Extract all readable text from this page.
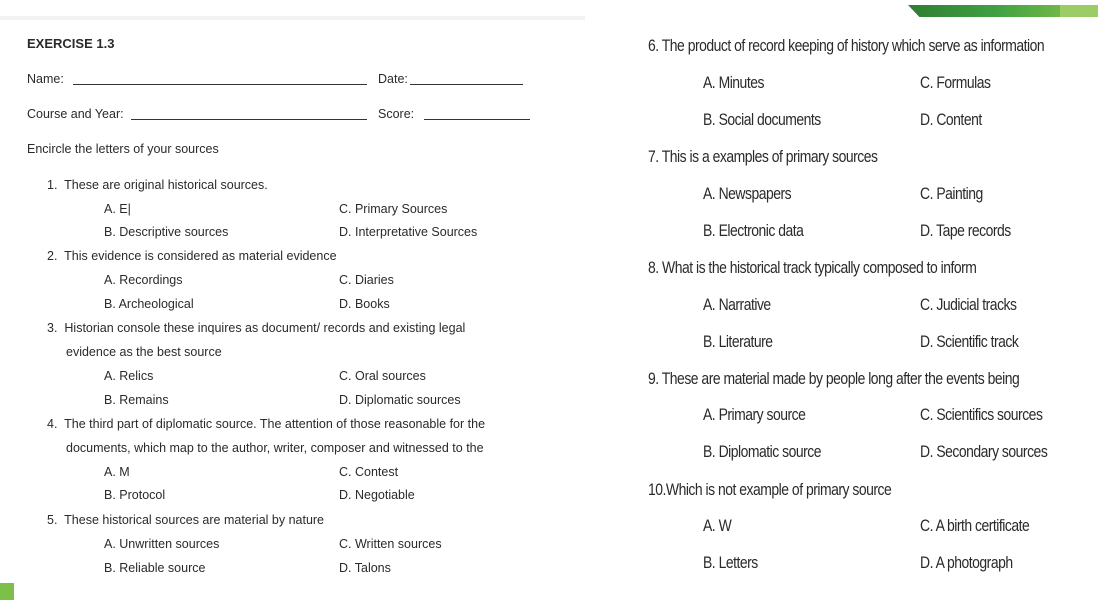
EXERCISE 1.3
Name:	Date:
Course and Year:	Score:
Encircle the letters of your sources
1. These are original historical sources.
A. E|	C. Primary Sources
B. Descriptive sources	D. Interpretative Sources
2. This evidence is considered as material evidence
A. Recordings	C. Diaries
B. Archeological	D. Books
3. Historian console these inquires as document/ records and existing legal
evidence as the best source
A. Relics	C. Oral sources
B. Remains	D. Diplomatic sources
4. The third part of diplomatic source. The attention of those reasonable for the
documents, which map to the author, writer, composer and witnessed to the
A. M	C. Contest
B. Protocol	D. Negotiable
5. These historical sources are material by nature
A. Unwritten sources	C. Written sources
B. Reliable source	D. Talons
6. The product of record keeping of history which serve as information
A. Minutes	C. Formulas
B. Social documents	D. Content
7. This is a examples of primary sources
A. Newspapers	C. Painting
B. Electronic data	D. Tape records
8. What is the historical track typically composed to inform
A. Narrative	C. Judicial tracks
B. Literature	D. Scientific track
9. These are material made by people long after the events being
A. Primary source	C. Scientifics sources
B. Diplomatic source	D. Secondary sources
10.Which is not example of primary source
A. W	C. A birth certificate
B. Letters	D. A photograph
